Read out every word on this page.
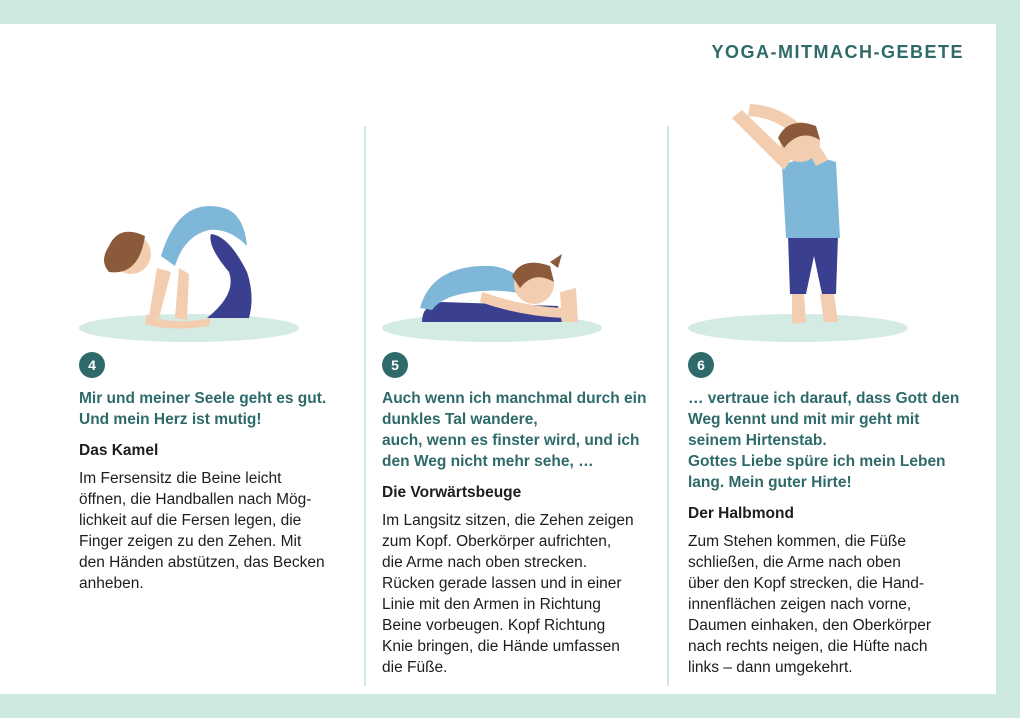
YOGA-MITMACH-GEBETE
4
Mir und meiner Seele geht es gut.
Und mein Herz ist mutig!
Das Kamel
Im Fersensitz die Beine leicht
öffnen, die Handballen nach Mög-
lichkeit auf die Fersen legen, die
Finger zeigen zu den Zehen. Mit
den Händen abstützen, das Becken
anheben.
5
Auch wenn ich manchmal durch ein
dunkles Tal wandere,
auch, wenn es finster wird, und ich
den Weg nicht mehr sehe, …
Die Vorwärtsbeuge
Im Langsitz sitzen, die Zehen zeigen
zum Kopf. Oberkörper aufrichten,
die Arme nach oben strecken.
Rücken gerade lassen und in einer
Linie mit den Armen in Richtung
Beine vorbeugen. Kopf Richtung
Knie bringen, die Hände umfassen
die Füße.
6
… vertraue ich darauf, dass Gott den
Weg kennt und mit mir geht mit
seinem Hirtenstab.
Gottes Liebe spüre ich mein Leben
lang. Mein guter Hirte!
Der Halbmond
Zum Stehen kommen, die Füße
schließen, die Arme nach oben
über den Kopf strecken, die Hand-
innenflächen zeigen nach vorne,
Daumen einhaken, den Oberkörper
nach rechts neigen, die Hüfte nach
links – dann umgekehrt.
